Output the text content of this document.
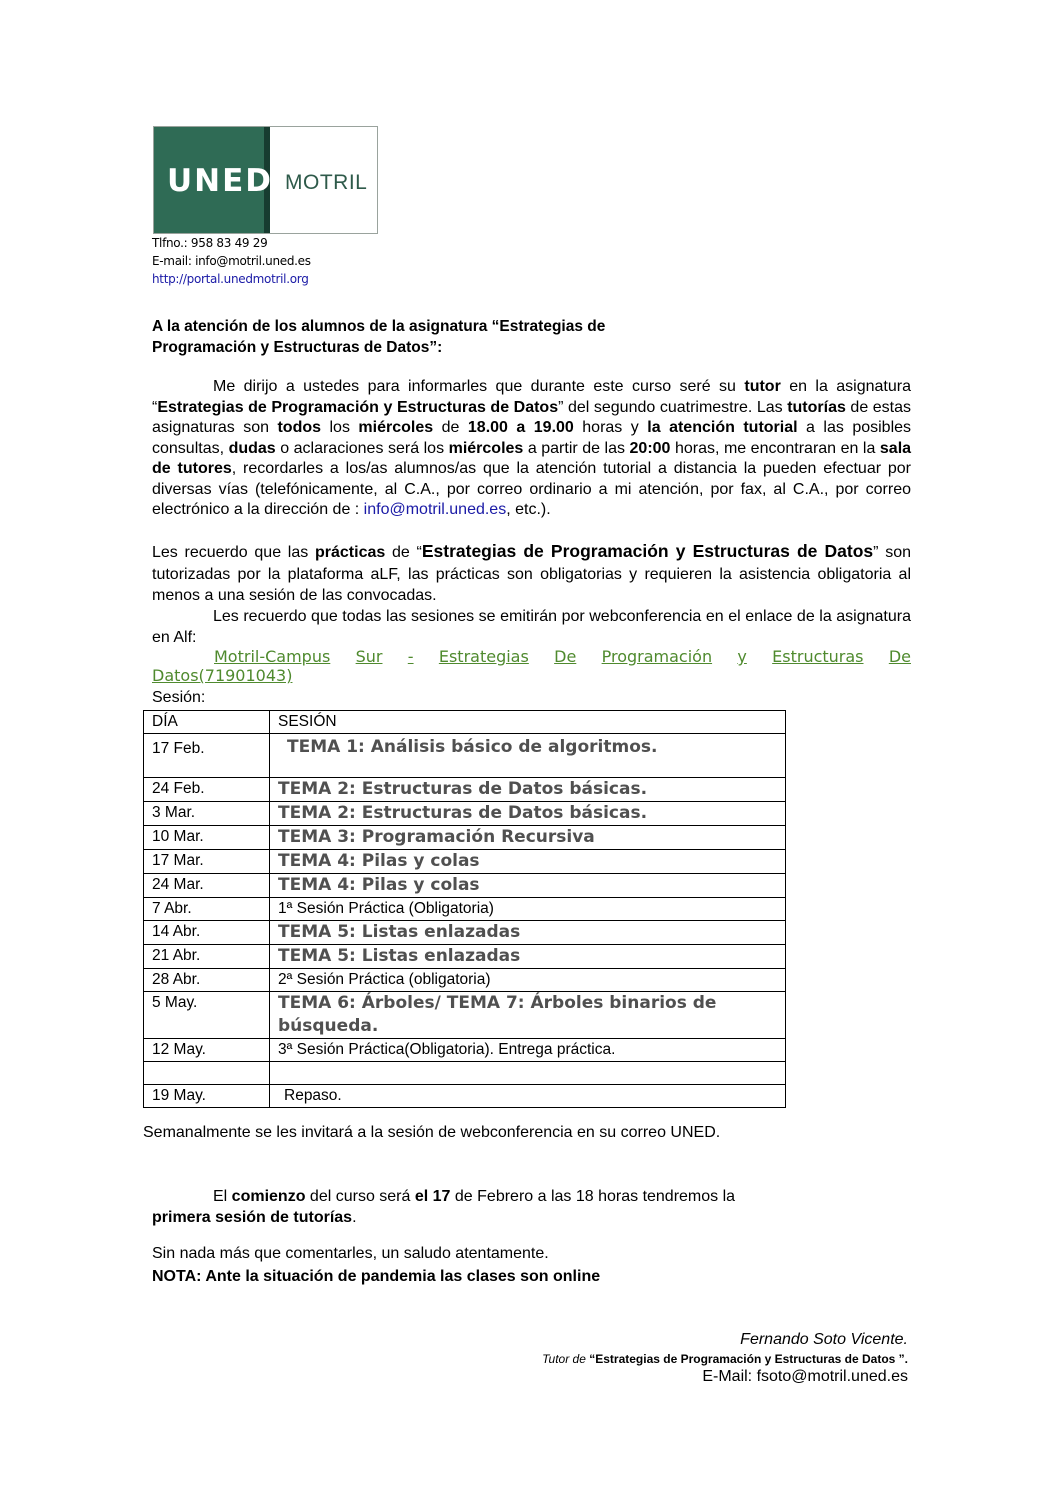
UNED MOTRIL
Tlfno.: 958 83 49 29
E-mail: info@motril.uned.es
http://portal.unedmotril.org
A la atención de los alumnos de la asignatura “Estrategias de
Programación y Estructuras de Datos”:
Me dirijo a ustedes para informarles que durante este curso seré su tutor en la asignatura “Estrategias de Programación y Estructuras de Datos” del segundo cuatrimestre. Las tutorías de estas asignaturas son todos los miércoles de 18.00 a 19.00 horas y la atención tutorial a las posibles consultas, dudas o aclaraciones será los miércoles a partir de las 20:00 horas, me encontraran en la sala de tutores, recordarles a los/as alumnos/as que la atención tutorial a distancia la pueden efectuar por diversas vías (telefónicamente, al C.A., por correo ordinario a mi atención, por fax, al C.A., por correo electrónico a la dirección de : info@motril.uned.es, etc.).
Les recuerdo que las prácticas de “Estrategias de Programación y Estructuras de Datos” son tutorizadas por la plataforma aLF, las prácticas son obligatorias y requieren la asistencia obligatoria al menos a una sesión de las convocadas.
Les recuerdo que todas las sesiones se emitirán por webconferencia en el enlace de la asignatura en Alf:
Motril-Campus Sur - Estrategias De Programación y Estructuras De
Datos(71901043)
Sesión:
DÍA	SESIÓN
17 Feb.	TEMA 1: Análisis básico de algoritmos.
24 Feb.	TEMA 2: Estructuras de Datos básicas.
3 Mar.	TEMA 2: Estructuras de Datos básicas.
10 Mar.	TEMA 3: Programación Recursiva
17 Mar.	TEMA 4: Pilas y colas
24 Mar.	TEMA 4: Pilas y colas
7 Abr.	1ª Sesión Práctica (Obligatoria)
14 Abr.	TEMA 5: Listas enlazadas
21 Abr.	TEMA 5: Listas enlazadas
28 Abr.	2ª Sesión Práctica (obligatoria)
5 May.	TEMA 6: Árboles/ TEMA 7: Árboles binarios de búsqueda.
12 May.	3ª Sesión Práctica(Obligatoria). Entrega práctica.

19 May.	Repaso.
Semanalmente se les invitará a la sesión de webconferencia en su correo UNED.
El comienzo del curso será el 17 de Febrero a las 18 horas tendremos la
primera sesión de tutorías.
Sin nada más que comentarles, un saludo atentamente.
NOTA: Ante la situación de pandemia las clases son online
Fernando Soto Vicente.
Tutor de “Estrategias de Programación y Estructuras de Datos ”.
E-Mail: fsoto@motril.uned.es
